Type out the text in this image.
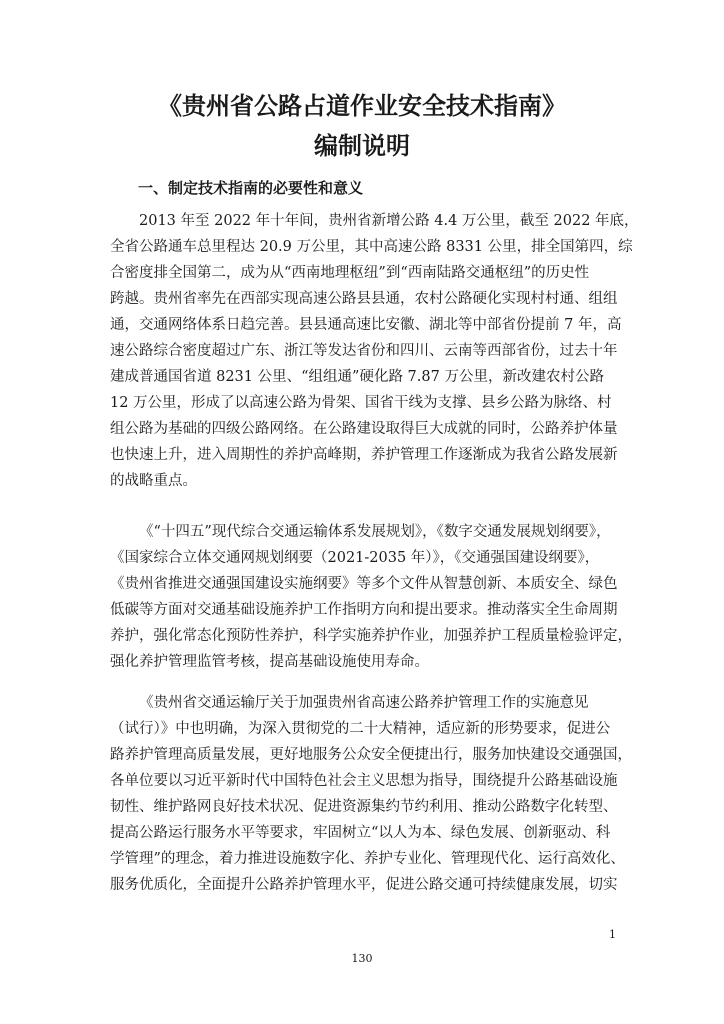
《贵州省公路占道作业安全技术指南》
编制说明
一、制定技术指南的必要性和意义
2013 年至 2022 年十年间，贵州省新增公路 4.4 万公里，截至 2022 年底，
全省公路通车总里程达 20.9 万公里，其中高速公路 8331 公里，排全国第四，综
合密度排全国第二，成为从“西南地理枢纽”到“西南陆路交通枢纽”的历史性
跨越。贵州省率先在西部实现高速公路县县通，农村公路硬化实现村村通、组组
通，交通网络体系日趋完善。县县通高速比安徽、湖北等中部省份提前 7 年，高
速公路综合密度超过广东、浙江等发达省份和四川、云南等西部省份，过去十年
建成普通国省道 8231 公里、“组组通”硬化路 7.87 万公里，新改建农村公路
12 万公里，形成了以高速公路为骨架、国省干线为支撑、县乡公路为脉络、村
组公路为基础的四级公路网络。在公路建设取得巨大成就的同时，公路养护体量
也快速上升，进入周期性的养护高峰期，养护管理工作逐渐成为我省公路发展新
的战略重点。
《“十四五”现代综合交通运输体系发展规划》，《数字交通发展规划纲要》，
《国家综合立体交通网规划纲要（2021-2035 年）》，《交通强国建设纲要》，
《贵州省推进交通强国建设实施纲要》等多个文件从智慧创新、本质安全、绿色
低碳等方面对交通基础设施养护工作指明方向和提出要求。推动落实全生命周期
养护，强化常态化预防性养护，科学实施养护作业，加强养护工程质量检验评定，
强化养护管理监管考核，提高基础设施使用寿命。
《贵州省交通运输厅关于加强贵州省高速公路养护管理工作的实施意见
（试行）》中也明确，为深入贯彻党的二十大精神，适应新的形势要求，促进公
路养护管理高质量发展，更好地服务公众安全便捷出行，服务加快建设交通强国，
各单位要以习近平新时代中国特色社会主义思想为指导，围绕提升公路基础设施
韧性、维护路网良好技术状况、促进资源集约节约利用、推动公路数字化转型、
提高公路运行服务水平等要求，牢固树立“以人为本、绿色发展、创新驱动、科
学管理”的理念，着力推进设施数字化、养护专业化、管理现代化、运行高效化、
服务优质化，全面提升公路养护管理水平，促进公路交通可持续健康发展，切实
1
130
